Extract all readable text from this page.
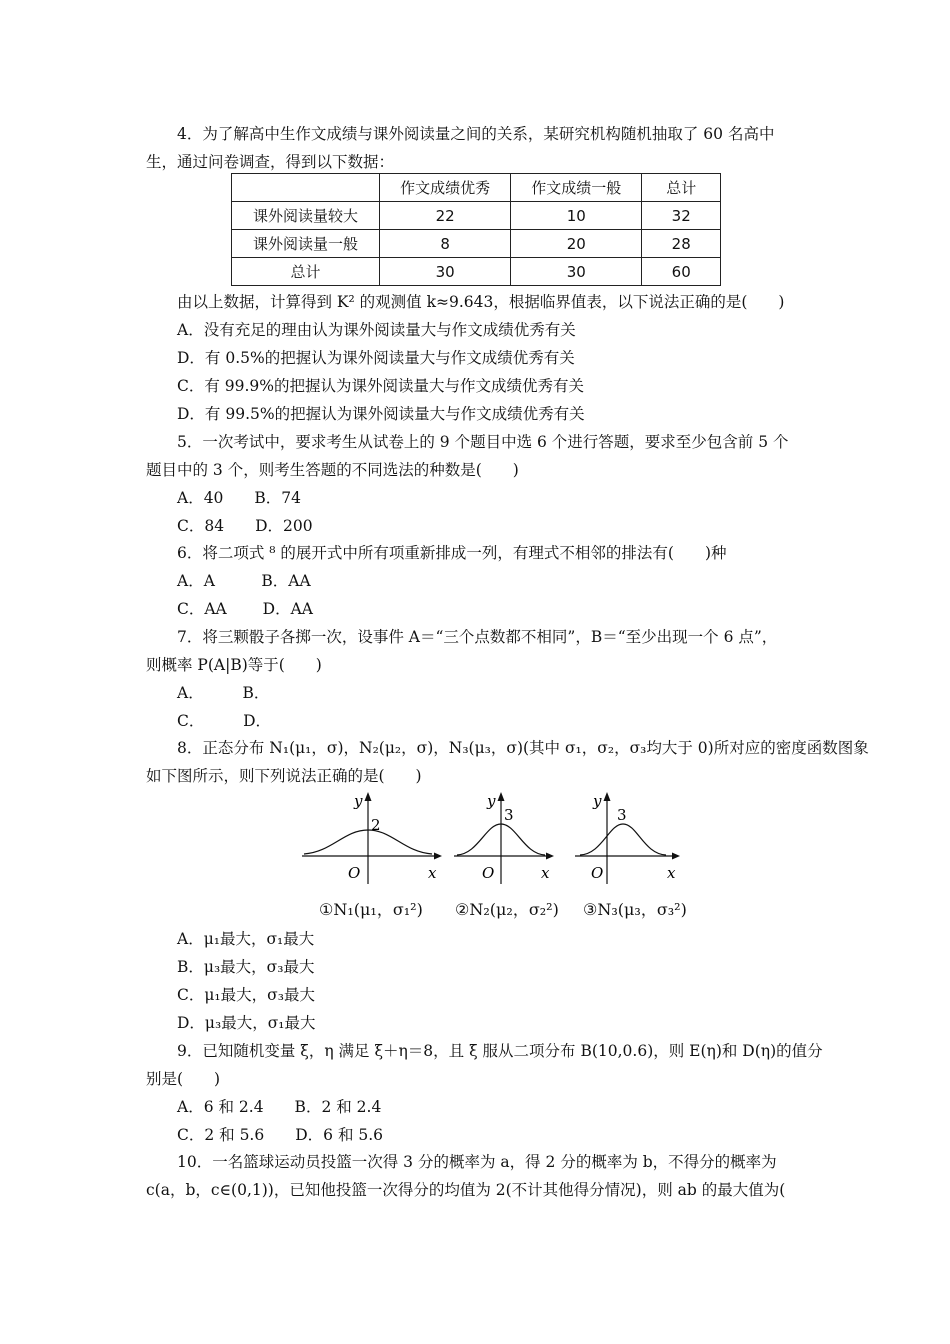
4．为了解高中生作文成绩与课外阅读量之间的关系，某研究机构随机抽取了 60 名高中
生，通过问卷调查，得到以下数据：
	作文成绩优秀	作文成绩一般	总计
课外阅读量较大	22	10	32
课外阅读量一般	8	20	28
总计	30	30	60
由以上数据，计算得到 K² 的观测值 k≈9.643，根据临界值表，以下说法正确的是(　　)
A．没有充足的理由认为课外阅读量大与作文成绩优秀有关
D．有 0.5%的把握认为课外阅读量大与作文成绩优秀有关
C．有 99.9%的把握认为课外阅读量大与作文成绩优秀有关
D．有 99.5%的把握认为课外阅读量大与作文成绩优秀有关
5．一次考试中，要求考生从试卷上的 9 个题目中选 6 个进行答题，要求至少包含前 5 个
题目中的 3 个，则考生答题的不同选法的种数是(　　)
A．40　　B．74
C．84　　D．200
6．将二项式 ⁸ 的展开式中所有项重新排成一列，有理式不相邻的排法有(　　)种
A．A　　　B．AA
C．AA　　 D．AA
7．将三颗骰子各掷一次，设事件 A＝“三个点数都不相同”，B＝“至少出现一个 6 点”，
则概率 P(A|B)等于(　　)
A．　　　B．
C．　　　D．
8．正态分布 N₁(μ₁，σ)，N₂(μ₂，σ)，N₃(μ₃，σ)(其中 σ₁，σ₂，σ₃均大于 0)所对应的密度函数图象
如下图所示，则下列说法正确的是(　　)
y
2
O	x
y
3
O	x
y
3
O	x
①N₁(μ₁，σ₁²) ②N₂(μ₂，σ₂²) ③N₃(μ₃，σ₃²)
A．μ₁最大，σ₁最大
B．μ₃最大，σ₃最大
C．μ₁最大，σ₃最大
D．μ₃最大，σ₁最大
9．已知随机变量 ξ，η 满足 ξ＋η＝8，且 ξ 服从二项分布 B(10,0.6)，则 E(η)和 D(η)的值分
别是(　　)
A．6 和 2.4　　B．2 和 2.4
C．2 和 5.6　　D．6 和 5.6
10．一名篮球运动员投篮一次得 3 分的概率为 a，得 2 分的概率为 b，不得分的概率为
c(a，b，c∈(0,1))，已知他投篮一次得分的均值为 2(不计其他得分情况)，则 ab 的最大值为(
